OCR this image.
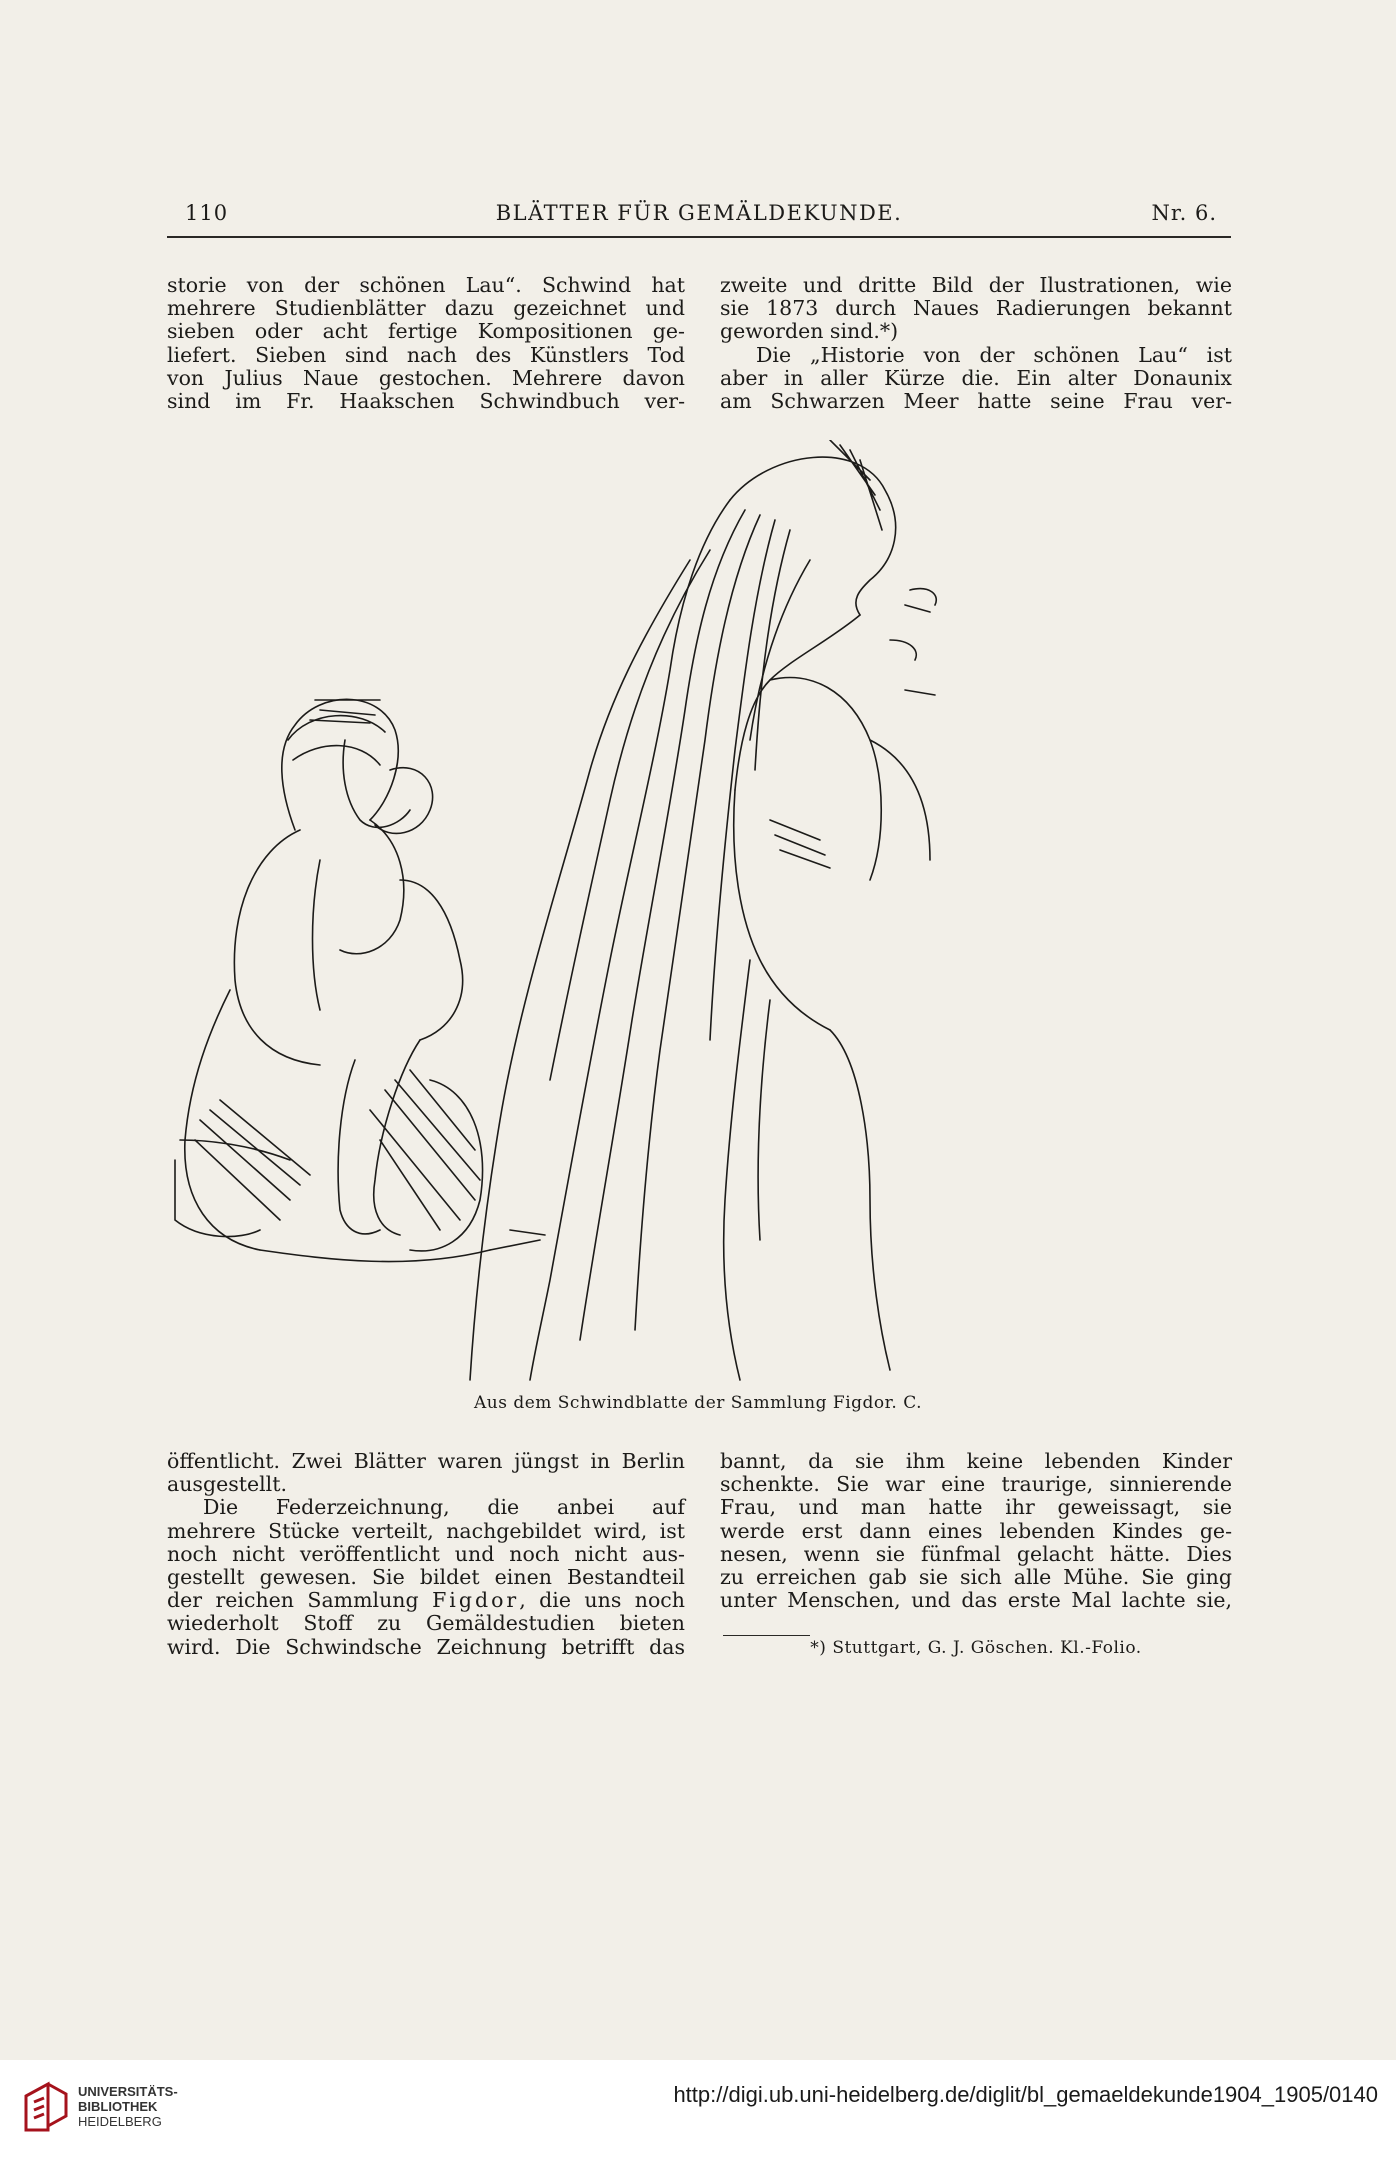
110	BLÄTTER FÜR GEMÄLDEKUNDE.	Nr. 6.
storie von der schönen Lau“. Schwind hat
mehrere Studienblätter dazu gezeichnet und
sieben oder acht fertige Kompositionen ge-
liefert. Sieben sind nach des Künstlers Tod
von Julius Naue gestochen. Mehrere davon
sind im Fr. Haakschen Schwindbuch ver-
zweite und dritte Bild der Ilustrationen, wie
sie 1873 durch Naues Radierungen bekannt
geworden sind.*)
Die „Historie von der schönen Lau“ ist
aber in aller Kürze die. Ein alter Donaunix
am Schwarzen Meer hatte seine Frau ver-
Aus dem Schwindblatte der Sammlung Figdor. C.
öffentlicht. Zwei Blätter waren jüngst in Berlin
ausgestellt.
Die Federzeichnung, die anbei auf
mehrere Stücke verteilt, nachgebildet wird, ist
noch nicht veröffentlicht und noch nicht aus-
gestellt gewesen. Sie bildet einen Bestandteil
der reichen Sammlung Figdor, die uns noch
wiederholt Stoff zu Gemäldestudien bieten
wird. Die Schwindsche Zeichnung betrifft das
bannt, da sie ihm keine lebenden Kinder
schenkte. Sie war eine traurige, sinnierende
Frau, und man hatte ihr geweissagt, sie
werde erst dann eines lebenden Kindes ge-
nesen, wenn sie fünfmal gelacht hätte. Dies
zu erreichen gab sie sich alle Mühe. Sie ging
unter Menschen, und das erste Mal lachte sie,
*) Stuttgart, G. J. Göschen. Kl.-Folio.
UNIVERSITÄTS-
BIBLIOTHEK
HEIDELBERG
http://digi.ub.uni-heidelberg.de/diglit/bl_gemaeldekunde1904_1905/0140
